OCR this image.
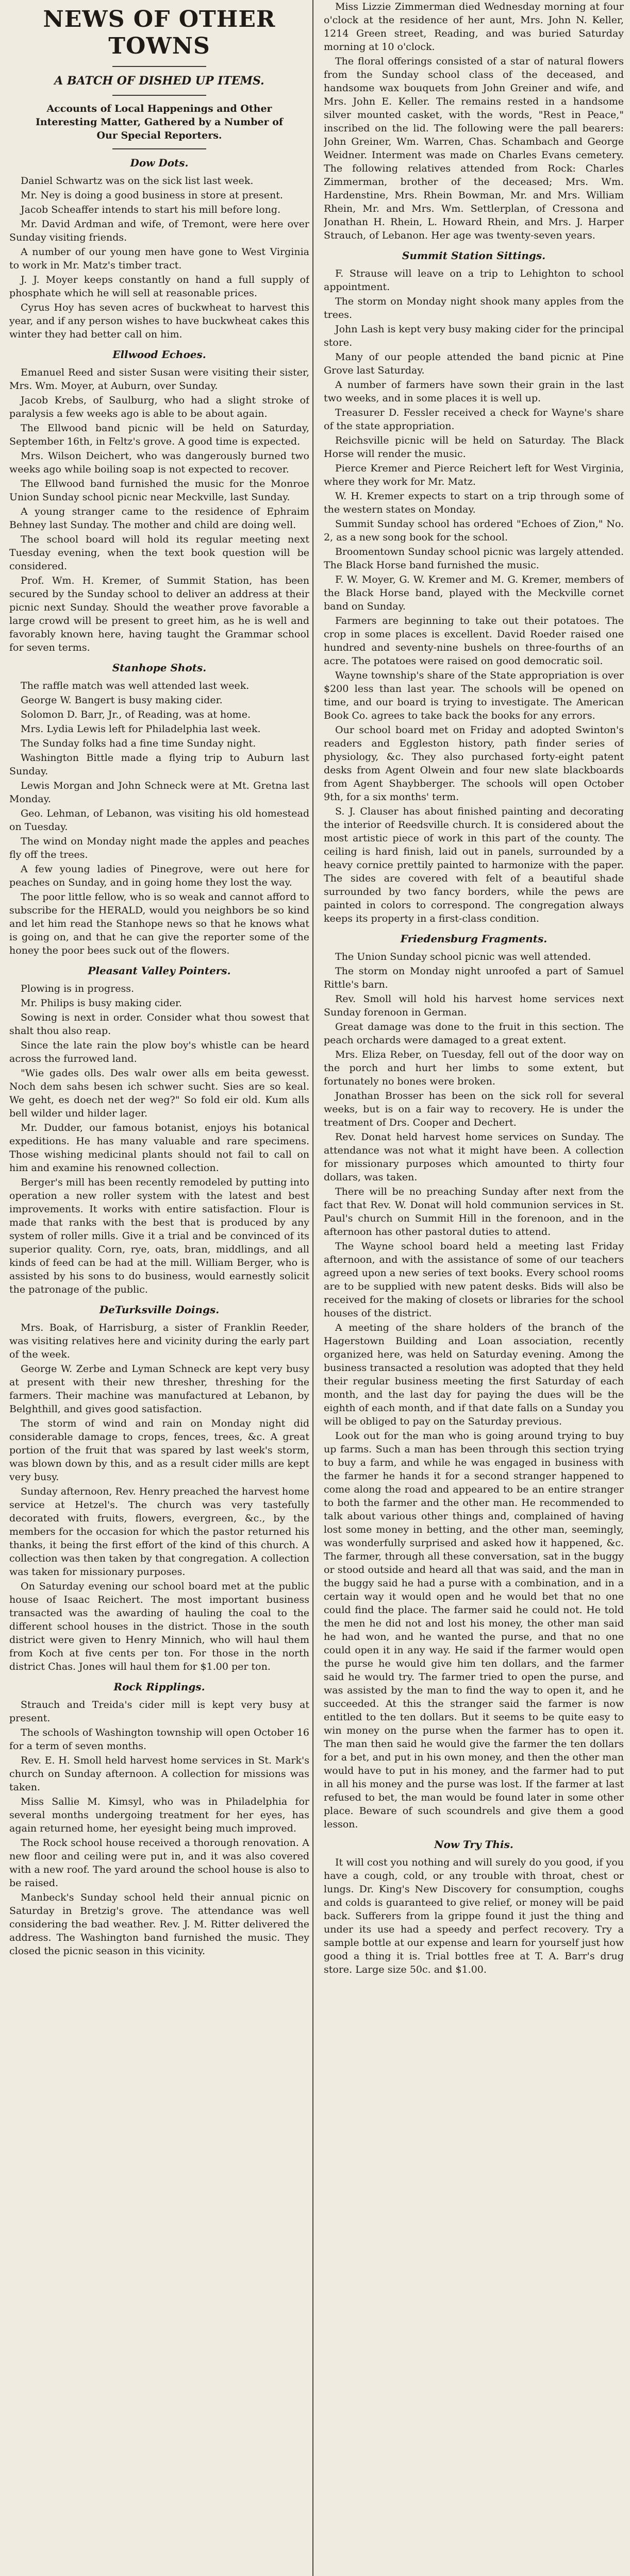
NEWS OF OTHER TOWNS
A BATCH OF DISHED UP ITEMS.
Accounts of Local Happenings and Other Interesting Matter, Gathered by a Number of Our Special Reporters.
Dow Dots.

Daniel Schwartz was on the sick list last week.

Mr. Ney is doing a good business in store at present.

Jacob Scheaffer intends to start his mill before long.

Mr. David Ardman and wife, of Tremont, were here over Sunday visiting friends.

A number of our young men have gone to West Virginia to work in Mr. Matz's timber tract.

J. J. Moyer keeps constantly on hand a full supply of phosphate which he will sell at reasonable prices.

Cyrus Hoy has seven acres of buckwheat to harvest this year, and if any person wishes to have buckwheat cakes this winter they had better call on him.

Ellwood Echoes.

Emanuel Reed and sister Susan were visiting their sister, Mrs. Wm. Moyer, at Auburn, over Sunday.

Jacob Krebs, of Saulburg, who had a slight stroke of paralysis a few weeks ago is able to be about again.

The Ellwood band picnic will be held on Saturday, September 16th, in Feltz's grove. A good time is expected.

Mrs. Wilson Deichert, who was dangerously burned two weeks ago while boiling soap is not expected to recover.

The Ellwood band furnished the music for the Monroe Union Sunday school picnic near Meckville, last Sunday.

A young stranger came to the residence of Ephraim Behney last Sunday. The mother and child are doing well.

The school board will hold its regular meeting next Tuesday evening, when the text book question will be considered.

Prof. Wm. H. Kremer, of Summit Station, has been secured by the Sunday school to deliver an address at their picnic next Sunday. Should the weather prove favorable a large crowd will be present to greet him, as he is well and favorably known here, having taught the Grammar school for seven terms.

Stanhope Shots.

The raffle match was well attended last week.

George W. Bangert is busy making cider.

Solomon D. Barr, Jr., of Reading, was at home.

Mrs. Lydia Lewis left for Philadelphia last week.

The Sunday folks had a fine time Sunday night.

Washington Bittle made a flying trip to Auburn last Sunday.

Lewis Morgan and John Schneck were at Mt. Gretna last Monday.

Geo. Lehman, of Lebanon, was visiting his old homestead on Tuesday.

The wind on Monday night made the apples and peaches fly off the trees.

A few young ladies of Pinegrove, were out here for peaches on Sunday, and in going home they lost the way.

The poor little fellow, who is so weak and cannot afford to subscribe for the HERALD, would you neighbors be so kind and let him read the Stanhope news so that he knows what is going on, and that he can give the reporter some of the honey the poor bees suck out of the flowers.

Pleasant Valley Pointers.

Plowing is in progress.

Mr. Philips is busy making cider.

Sowing is next in order. Consider what thou sowest that shalt thou also reap.

Since the late rain the plow boy's whistle can be heard across the furrowed land.

"Wie gades olls. Des walr ower alls em beita gewesst. Noch dem sahs besen ich schwer sucht. Sies are so keal. We geht, es doech net der weg?" So fold eir old. Kum alls bell wilder und hilder lager.

Mr. Dudder, our famous botanist, enjoys his botanical expeditions. He has many valuable and rare specimens. Those wishing medicinal plants should not fail to call on him and examine his renowned collection.

Berger's mill has been recently remodeled by putting into operation a new roller system with the latest and best improvements. It works with entire satisfaction. Flour is made that ranks with the best that is produced by any system of roller mills. Give it a trial and be convinced of its superior quality. Corn, rye, oats, bran, middlings, and all kinds of feed can be had at the mill. William Berger, who is assisted by his sons to do business, would earnestly solicit the patronage of the public.

DeTurksville Doings.

Mrs. Boak, of Harrisburg, a sister of Franklin Reeder, was visiting relatives here and vicinity during the early part of the week.

George W. Zerbe and Lyman Schneck are kept very busy at present with their new thresher, threshing for the farmers. Their machine was manufactured at Lebanon, by Belghthill, and gives good satisfaction.

The storm of wind and rain on Monday night did considerable damage to crops, fences, trees, &c. A great portion of the fruit that was spared by last week's storm, was blown down by this, and as a result cider mills are kept very busy.

Sunday afternoon, Rev. Henry preached the harvest home service at Hetzel's. The church was very tastefully decorated with fruits, flowers, evergreen, &c., by the members for the occasion for which the pastor returned his thanks, it being the first effort of the kind of this church. A collection was then taken by that congregation. A collection was taken for missionary purposes.

On Saturday evening our school board met at the public house of Isaac Reichert. The most important business transacted was the awarding of hauling the coal to the different school houses in the district. Those in the south district were given to Henry Minnich, who will haul them from Koch at five cents per ton. For those in the north district Chas. Jones will haul them for $1.00 per ton.

Rock Ripplings.

Strauch and Treida's cider mill is kept very busy at present.

The schools of Washington township will open October 16 for a term of seven months.

Rev. E. H. Smoll held harvest home services in St. Mark's church on Sunday afternoon. A collection for missions was taken.

Miss Sallie M. Kimsyl, who was in Philadelphia for several months undergoing treatment for her eyes, has again returned home, her eyesight being much improved.

The Rock school house received a thorough renovation. A new floor and ceiling were put in, and it was also covered with a new roof. The yard around the school house is also to be raised.

Manbeck's Sunday school held their annual picnic on Saturday in Bretzig's grove. The attendance was well considering the bad weather. Rev. J. M. Ritter delivered the address. The Washington band furnished the music. They closed the picnic season in this vicinity.

Miss Lizzie Zimmerman died Wednesday morning at four o'clock at the residence of her aunt, Mrs. John N. Keller, 1214 Green street, Reading, and was buried Saturday morning at 10 o'clock.

The floral offerings consisted of a star of natural flowers from the Sunday school class of the deceased, and handsome wax bouquets from John Greiner and wife, and Mrs. John E. Keller. The remains rested in a handsome silver mounted casket, with the words, "Rest in Peace," inscribed on the lid. The following were the pall bearers: John Greiner, Wm. Warren, Chas. Schambach and George Weidner. Interment was made on Charles Evans cemetery. The following relatives attended from Rock: Charles Zimmerman, brother of the deceased; Mrs. Wm. Hardenstine, Mrs. Rhein Bowman, Mr. and Mrs. William Rhein, Mr. and Mrs. Wm. Settlerplan, of Cressona and Jonathan H. Rhein, L. Howard Rhein, and Mrs. J. Harper Strauch, of Lebanon. Her age was twenty-seven years.

Summit Station Sittings.

F. Strause will leave on a trip to Lehighton to school appointment.

The storm on Monday night shook many apples from the trees.

John Lash is kept very busy making cider for the principal store.

Many of our people attended the band picnic at Pine Grove last Saturday.

A number of farmers have sown their grain in the last two weeks, and in some places it is well up.

Treasurer D. Fessler received a check for Wayne's share of the state appropriation.

Reichsville picnic will be held on Saturday. The Black Horse will render the music.

Pierce Kremer and Pierce Reichert left for West Virginia, where they work for Mr. Matz.

W. H. Kremer expects to start on a trip through some of the western states on Monday.

Summit Sunday school has ordered "Echoes of Zion," No. 2, as a new song book for the school.

Broomentown Sunday school picnic was largely attended. The Black Horse band furnished the music.

F. W. Moyer, G. W. Kremer and M. G. Kremer, members of the Black Horse band, played with the Meckville cornet band on Sunday.

Farmers are beginning to take out their potatoes. The crop in some places is excellent. David Roeder raised one hundred and seventy-nine bushels on three-fourths of an acre. The potatoes were raised on good democratic soil.

Wayne township's share of the State appropriation is over $200 less than last year. The schools will be opened on time, and our board is trying to investigate. The American Book Co. agrees to take back the books for any errors.

Our school board met on Friday and adopted Swinton's readers and Eggleston history, path finder series of physiology, &c. They also purchased forty-eight patent desks from Agent Olwein and four new slate blackboards from Agent Shaybberger. The schools will open October 9th, for a six months' term.

S. J. Clauser has about finished painting and decorating the interior of Reedsville church. It is considered about the most artistic piece of work in this part of the county. The ceiling is hard finish, laid out in panels, surrounded by a heavy cornice prettily painted to harmonize with the paper. The sides are covered with felt of a beautiful shade surrounded by two fancy borders, while the pews are painted in colors to correspond. The congregation always keeps its property in a first-class condition.

Friedensburg Fragments.

The Union Sunday school picnic was well attended.

The storm on Monday night unroofed a part of Samuel Rittle's barn.

Rev. Smoll will hold his harvest home services next Sunday forenoon in German.

Great damage was done to the fruit in this section. The peach orchards were damaged to a great extent.

Mrs. Eliza Reber, on Tuesday, fell out of the door way on the porch and hurt her limbs to some extent, but fortunately no bones were broken.

Jonathan Brosser has been on the sick roll for several weeks, but is on a fair way to recovery. He is under the treatment of Drs. Cooper and Dechert.

Rev. Donat held harvest home services on Sunday. The attendance was not what it might have been. A collection for missionary purposes which amounted to thirty four dollars, was taken.

There will be no preaching Sunday after next from the fact that Rev. W. Donat will hold communion services in St. Paul's church on Summit Hill in the forenoon, and in the afternoon has other pastoral duties to attend.

The Wayne school board held a meeting last Friday afternoon, and with the assistance of some of our teachers agreed upon a new series of text books. Every school rooms are to be supplied with new patent desks. Bids will also be received for the making of closets or libraries for the school houses of the district.

A meeting of the share holders of the branch of the Hagerstown Building and Loan association, recently organized here, was held on Saturday evening. Among the business transacted a resolution was adopted that they held their regular business meeting the first Saturday of each month, and the last day for paying the dues will be the eighth of each month, and if that date falls on a Sunday you will be obliged to pay on the Saturday previous.

Look out for the man who is going around trying to buy up farms. Such a man has been through this section trying to buy a farm, and while he was engaged in business with the farmer he hands it for a second stranger happened to come along the road and appeared to be an entire stranger to both the farmer and the other man. He recommended to talk about various other things and, complained of having lost some money in betting, and the other man, seemingly, was wonderfully surprised and asked how it happened, &c. The farmer, through all these conversation, sat in the buggy or stood outside and heard all that was said, and the man in the buggy said he had a purse with a combination, and in a certain way it would open and he would bet that no one could find the place. The farmer said he could not. He told the men he did not and lost his money, the other man said he had won, and he wanted the purse, and that no one could open it in any way. He said if the farmer would open the purse he would give him ten dollars, and the farmer said he would try. The farmer tried to open the purse, and was assisted by the man to find the way to open it, and he succeeded. At this the stranger said the farmer is now entitled to the ten dollars. But it seems to be quite easy to win money on the purse when the farmer has to open it. The man then said he would give the farmer the ten dollars for a bet, and put in his own money, and then the other man would have to put in his money, and the farmer had to put in all his money and the purse was lost. If the farmer at last refused to bet, the man would be found later in some other place. Beware of such scoundrels and give them a good lesson.

Now Try This.

It will cost you nothing and will surely do you good, if you have a cough, cold, or any trouble with throat, chest or lungs. Dr. King's New Discovery for consumption, coughs and colds is guaranteed to give relief, or money will be paid back. Sufferers from la grippe found it just the thing and under its use had a speedy and perfect recovery. Try a sample bottle at our expense and learn for yourself just how good a thing it is. Trial bottles free at T. A. Barr's drug store. Large size 50c. and $1.00.
